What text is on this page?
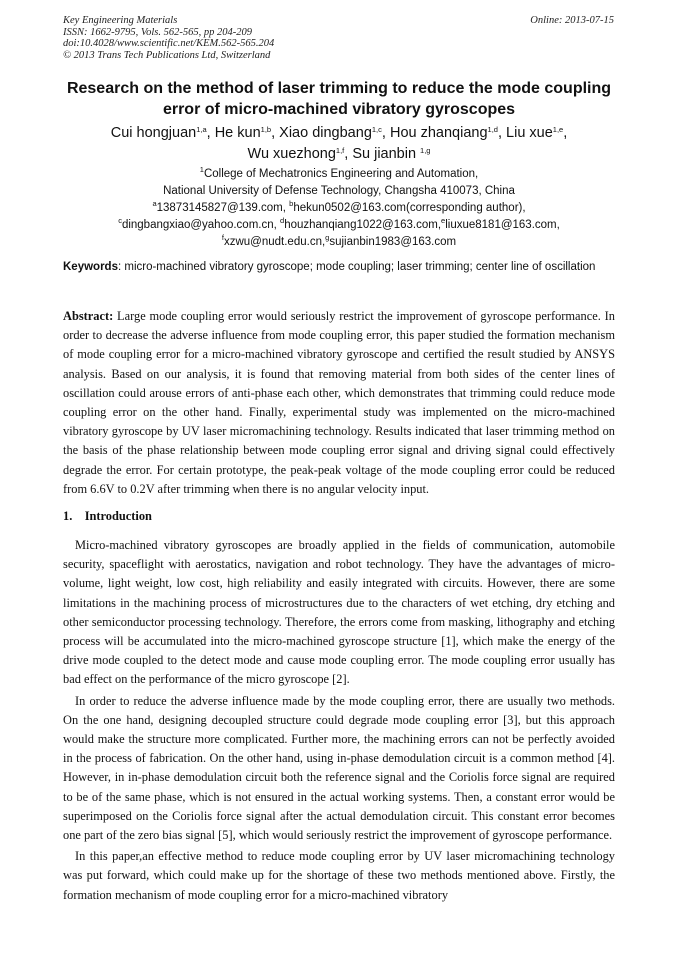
Key Engineering Materials
ISSN: 1662-9795, Vols. 562-565, pp 204-209
doi:10.4028/www.scientific.net/KEM.562-565.204
© 2013 Trans Tech Publications Ltd, Switzerland
Online: 2013-07-15
Research on the method of laser trimming to reduce the mode coupling error of micro-machined vibratory gyroscopes
Cui hongjuan$^{1,a}$, He kun$^{1,b}$, Xiao dingbang$^{1,c}$, Hou zhanqiang$^{1,d}$, Liu xue$^{1,e}$,
Wu xuezhong$^{1,f}$, Su jianbin $^{1,g}$
$^1$College of Mechatronics Engineering and Automation,
National University of Defense Technology, Changsha 410073, China
$^a$13873145827@139.com, $^b$hekun0502@163.com(corresponding author),
$^c$dingbangxiao@yahoo.com.cn, $^d$houzhanqiang1022@163.com,$^e$liuxue8181@163.com,
$^f$xzwu@nudt.edu.cn,$^g$sujianbin1983@163.com
Keywords: micro-machined vibratory gyroscope; mode coupling; laser trimming; center line of oscillation
Abstract: Large mode coupling error would seriously restrict the improvement of gyroscope performance. In order to decrease the adverse influence from mode coupling error, this paper studied the formation mechanism of mode coupling error for a micro-machined vibratory gyroscope and certified the result studied by ANSYS analysis. Based on our analysis, it is found that removing material from both sides of the center lines of oscillation could arouse errors of anti-phase each other, which demonstrates that trimming could reduce mode coupling error on the other hand. Finally, experimental study was implemented on the micro-machined vibratory gyroscope by UV laser micromachining technology. Results indicated that laser trimming method on the basis of the phase relationship between mode coupling error signal and driving signal could effectively degrade the error. For certain prototype, the peak-peak voltage of the mode coupling error could be reduced from 6.6V to 0.2V after trimming when there is no angular velocity input.
1. Introduction

Micro-machined vibratory gyroscopes are broadly applied in the fields of communication, automobile security, spaceflight with aerostatics, navigation and robot technology. They have the advantages of micro-volume, light weight, low cost, high reliability and easily integrated with circuits. However, there are some limitations in the machining process of microstructures due to the characters of wet etching, dry etching and other semiconductor processing technology. Therefore, the errors come from masking, lithography and etching process will be accumulated into the micro-machined gyroscope structure [1], which make the energy of the drive mode coupled to the detect mode and cause mode coupling error. The mode coupling error usually has bad effect on the performance of the micro gyroscope [2].

In order to reduce the adverse influence made by the mode coupling error, there are usually two methods. On the one hand, designing decoupled structure could degrade mode coupling error [3], but this approach would make the structure more complicated. Further more, the machining errors can not be perfectly avoided in the process of fabrication. On the other hand, using in-phase demodulation circuit is a common method [4]. However, in in-phase demodulation circuit both the reference signal and the Coriolis force signal are required to be of the same phase, which is not ensured in the actual working systems. Then, a constant error would be superimposed on the Coriolis force signal after the actual demodulation circuit. This constant error becomes one part of the zero bias signal [5], which would seriously restrict the improvement of gyroscope performance.

In this paper,an effective method to reduce mode coupling error by UV laser micromachining technology was put forward, which could make up for the shortage of these two methods mentioned above. Firstly, the formation mechanism of mode coupling error for a micro-machined vibratory
